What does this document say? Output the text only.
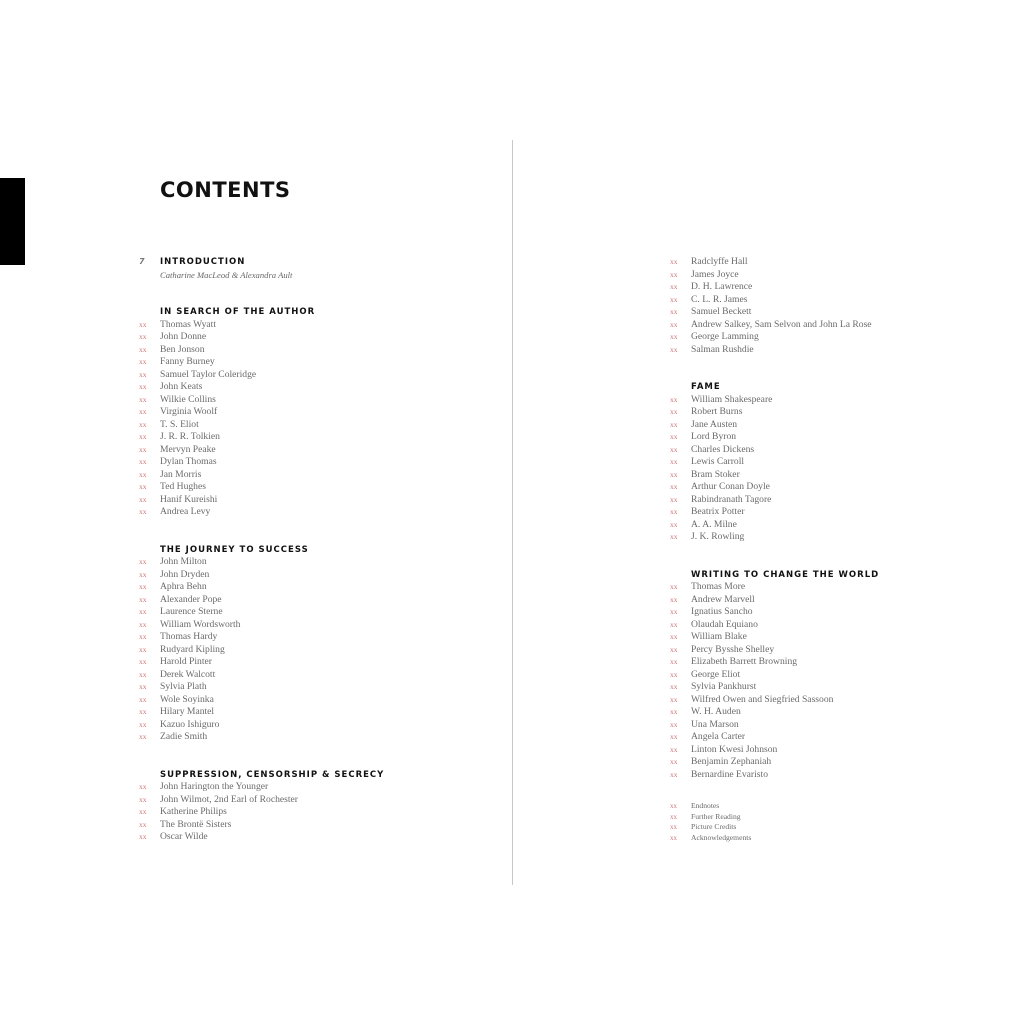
CONTENTS
7	INTRODUCTION
Catharine MacLeod & Alexandra Ault
IN SEARCH OF THE AUTHOR
xx	Thomas Wyatt
xx	John Donne
xx	Ben Jonson
xx	Fanny Burney
xx	Samuel Taylor Coleridge
xx	John Keats
xx	Wilkie Collins
xx	Virginia Woolf
xx	T. S. Eliot
xx	J. R. R. Tolkien
xx	Mervyn Peake
xx	Dylan Thomas
xx	Jan Morris
xx	Ted Hughes
xx	Hanif Kureishi
xx	Andrea Levy
THE JOURNEY TO SUCCESS
xx	John Milton
xx	John Dryden
xx	Aphra Behn
xx	Alexander Pope
xx	Laurence Sterne
xx	William Wordsworth
xx	Thomas Hardy
xx	Rudyard Kipling
xx	Harold Pinter
xx	Derek Walcott
xx	Sylvia Plath
xx	Wole Soyinka
xx	Hilary Mantel
xx	Kazuo Ishiguro
xx	Zadie Smith
SUPPRESSION, CENSORSHIP & SECRECY
xx	John Harington the Younger
xx	John Wilmot, 2nd Earl of Rochester
xx	Katherine Philips
xx	The Brontë Sisters
xx	Oscar Wilde
xx	Radclyffe Hall
xx	James Joyce
xx	D. H. Lawrence
xx	C. L. R. James
xx	Samuel Beckett
xx	Andrew Salkey, Sam Selvon and John La Rose
xx	George Lamming
xx	Salman Rushdie
FAME
xx	William Shakespeare
xx	Robert Burns
xx	Jane Austen
xx	Lord Byron
xx	Charles Dickens
xx	Lewis Carroll
xx	Bram Stoker
xx	Arthur Conan Doyle
xx	Rabindranath Tagore
xx	Beatrix Potter
xx	A. A. Milne
xx	J. K. Rowling
WRITING TO CHANGE THE WORLD
xx	Thomas More
xx	Andrew Marvell
xx	Ignatius Sancho
xx	Olaudah Equiano
xx	William Blake
xx	Percy Bysshe Shelley
xx	Elizabeth Barrett Browning
xx	George Eliot
xx	Sylvia Pankhurst
xx	Wilfred Owen and Siegfried Sassoon
xx	W. H. Auden
xx	Una Marson
xx	Angela Carter
xx	Linton Kwesi Johnson
xx	Benjamin Zephaniah
xx	Bernardine Evaristo
xx	Endnotes
xx	Further Reading
xx	Picture Credits
xx	Acknowledgements
